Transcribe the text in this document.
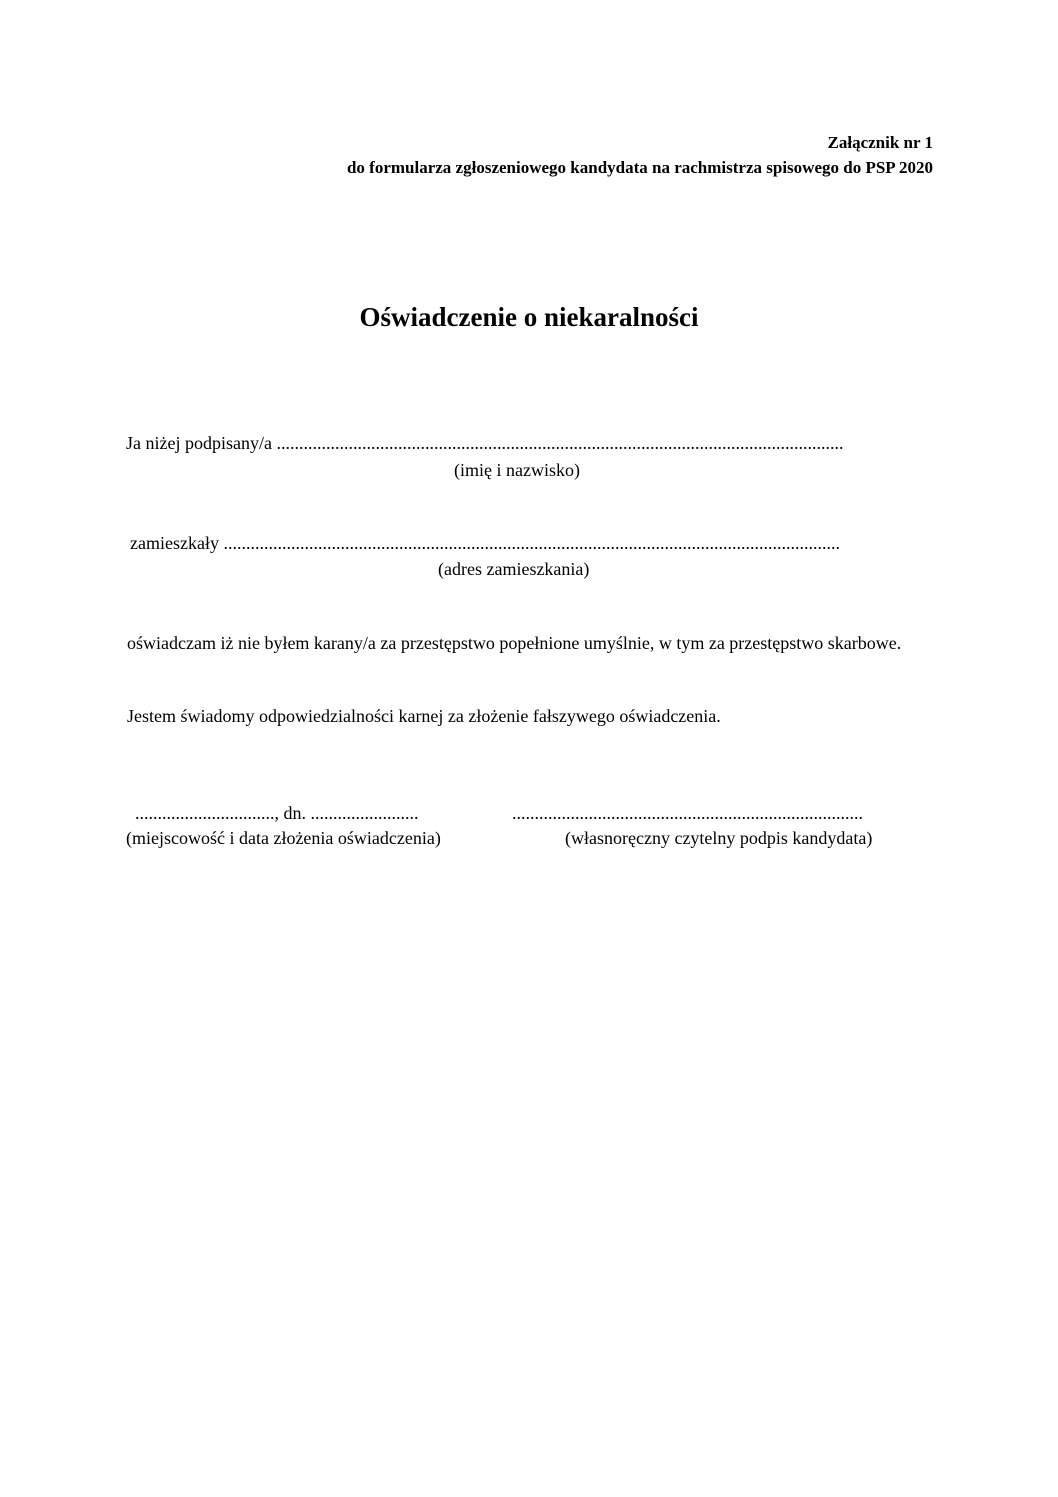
Załącznik nr 1
do formularza zgłoszeniowego kandydata na rachmistrza spisowego do PSP 2020
Oświadczenie o niekaralności
Ja niżej podpisany/a ..............................................................................................................................
(imię i nazwisko)
zamieszkały .........................................................................................................................................
(adres zamieszkania)
oświadczam iż nie byłem karany/a za przestępstwo popełnione umyślnie, w tym za przestępstwo skarbowe.
Jestem świadomy odpowiedzialności karnej za złożenie fałszywego oświadczenia.
..............................., dn. ........................	..............................................................................
(miejscowość i data złożenia oświadczenia)	(własnoręczny czytelny podpis kandydata)
